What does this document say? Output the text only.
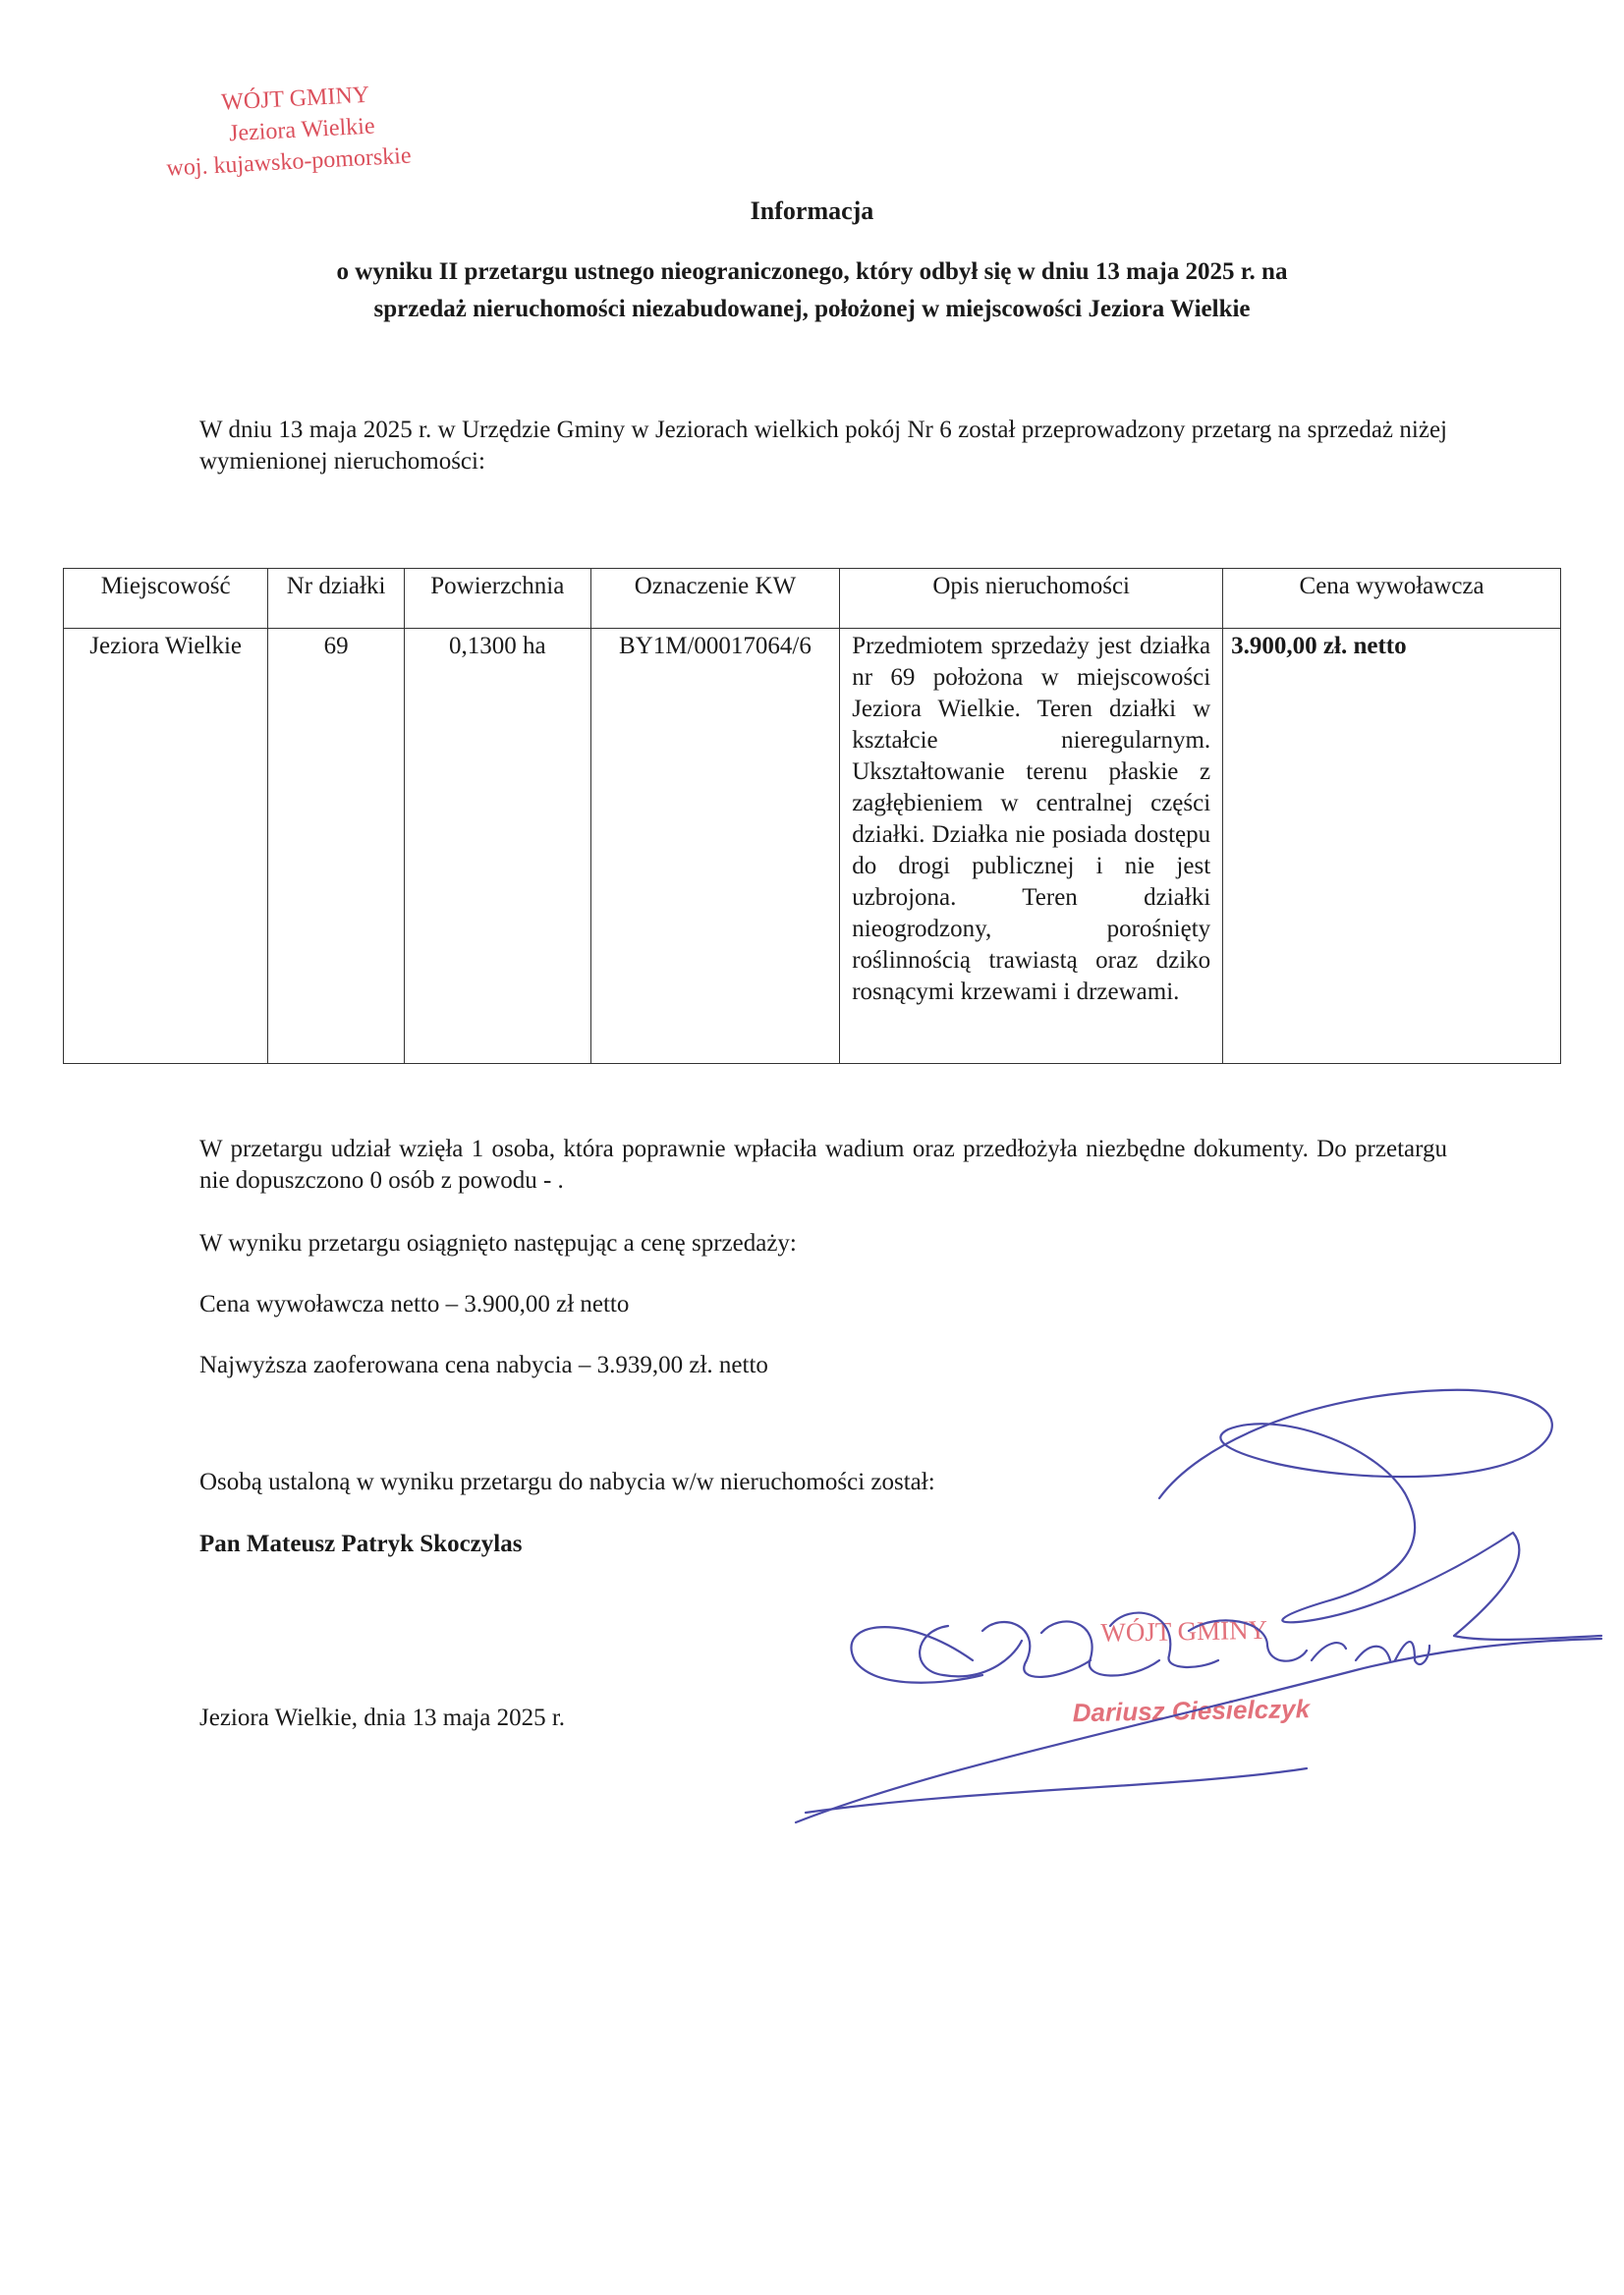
WÓJT GMINY
Jeziora Wielkie
woj. kujawsko-pomorskie
Informacja
o wyniku II przetargu ustnego nieograniczonego, który odbył się w dniu 13 maja 2025 r. na
sprzedaż nieruchomości niezabudowanej, położonej w miejscowości Jeziora Wielkie
W dniu 13 maja 2025 r. w Urzędzie Gminy w Jeziorach wielkich pokój Nr 6 został przeprowadzony przetarg na sprzedaż niżej wymienionej nieruchomości:
Miejscowość	Nr działki	Powierzchnia	Oznaczenie KW	Opis nieruchomości	Cena wywoławcza
Jeziora Wielkie	69	0,1300 ha	BY1M/00017064/6	Przedmiotem sprzedaży jest działka nr 69 położona w miejscowości Jeziora Wielkie. Teren działki w kształcie nieregularnym. Ukształtowanie terenu płaskie z zagłębieniem w centralnej części działki. Działka nie posiada dostępu do drogi publicznej i nie jest uzbrojona. Teren działki nieogrodzony, porośnięty roślinnością trawiastą oraz dziko rosnącymi krzewami i drzewami.	3.900,00 zł. netto
W przetargu udział wzięła 1 osoba, która poprawnie wpłaciła wadium oraz przedłożyła niezbędne dokumenty. Do przetargu nie dopuszczono 0 osób z powodu - .
W wyniku przetargu osiągnięto następując a cenę sprzedaży:
Cena wywoławcza netto – 3.900,00 zł netto
Najwyższa zaoferowana cena nabycia – 3.939,00 zł. netto
Osobą ustaloną w wyniku przetargu do nabycia w/w nieruchomości został:
Pan Mateusz Patryk Skoczylas
Jeziora Wielkie, dnia 13 maja 2025 r.
WÓJT GMINY
Dariusz Ciesielczyk
